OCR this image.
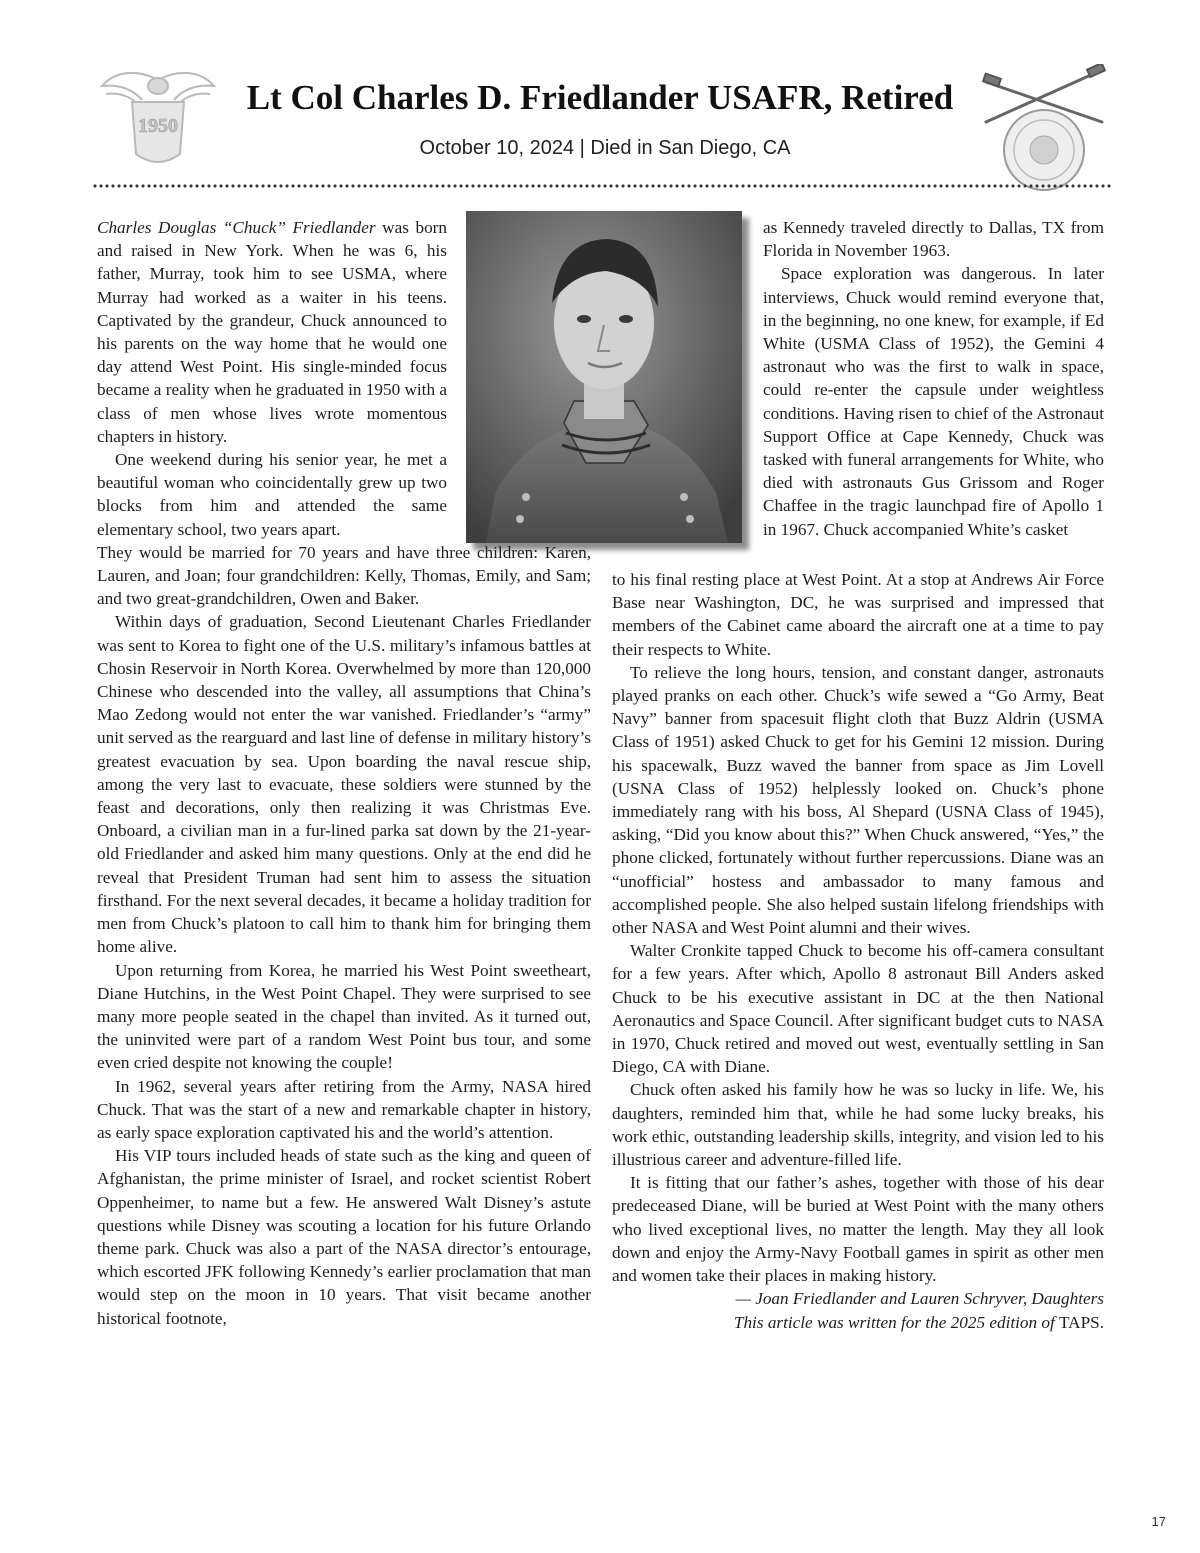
1950
Lt Col Charles D. Friedlander USAFR, Retired
October 10, 2024 | Died in San Diego, CA

Charles Douglas “Chuck” Friedlander was born and raised in New York. When he was 6, his father, Murray, took him to see USMA, where Murray had worked as a waiter in his teens. Captivated by the grandeur, Chuck announced to his parents on the way home that he would one day attend West Point. His single-minded focus became a reality when he graduated in 1950 with a class of men whose lives wrote momentous chapters in history.

One weekend during his senior year, he met a beautiful woman who coincidentally grew up two blocks from him and attended the same elementary school, two years apart.

They would be married for 70 years and have three children: Karen, Lauren, and Joan; four grandchildren: Kelly, Thomas, Emily, and Sam; and two great-grandchildren, Owen and Baker.

Within days of graduation, Second Lieutenant Charles Friedlander was sent to Korea to fight one of the U.S. military’s infamous battles at Chosin Reservoir in North Korea. Overwhelmed by more than 120,000 Chinese who descended into the valley, all assumptions that China’s Mao Zedong would not enter the war vanished. Friedlander’s “army” unit served as the rearguard and last line of defense in military history’s greatest evacuation by sea. Upon boarding the naval rescue ship, among the very last to evacuate, these soldiers were stunned by the feast and decorations, only then realizing it was Christmas Eve. Onboard, a civilian man in a fur-lined parka sat down by the 21-year-old Friedlander and asked him many questions. Only at the end did he reveal that President Truman had sent him to assess the situation firsthand. For the next several decades, it became a holiday tradition for men from Chuck’s platoon to call him to thank him for bringing them home alive.

Upon returning from Korea, he married his West Point sweetheart, Diane Hutchins, in the West Point Chapel. They were surprised to see many more people seated in the chapel than invited. As it turned out, the uninvited were part of a random West Point bus tour, and some even cried despite not knowing the couple!

In 1962, several years after retiring from the Army, NASA hired Chuck. That was the start of a new and remarkable chapter in history, as early space exploration captivated his and the world’s attention.

His VIP tours included heads of state such as the king and queen of Afghanistan, the prime minister of Israel, and rocket scientist Robert Oppenheimer, to name but a few. He answered Walt Disney’s astute questions while Disney was scouting a location for his future Orlando theme park. Chuck was also a part of the NASA director’s entourage, which escorted JFK following Kennedy’s earlier proclamation that man would step on the moon in 10 years. That visit became another historical footnote,

as Kennedy traveled directly to Dallas, TX from Florida in November 1963.

Space exploration was dangerous. In later interviews, Chuck would remind everyone that, in the beginning, no one knew, for example, if Ed White (USMA Class of 1952), the Gemini 4 astronaut who was the first to walk in space, could re-enter the capsule under weightless conditions. Having risen to chief of the Astronaut Support Office at Cape Kennedy, Chuck was tasked with funeral arrangements for White, who died with astronauts Gus Grissom and Roger Chaffee in the tragic launchpad fire of Apollo 1 in 1967. Chuck accompanied White’s casket

to his final resting place at West Point. At a stop at Andrews Air Force Base near Washington, DC, he was surprised and impressed that members of the Cabinet came aboard the aircraft one at a time to pay their respects to White.

To relieve the long hours, tension, and constant danger, astronauts played pranks on each other. Chuck’s wife sewed a “Go Army, Beat Navy” banner from spacesuit flight cloth that Buzz Aldrin (USMA Class of 1951) asked Chuck to get for his Gemini 12 mission. During his spacewalk, Buzz waved the banner from space as Jim Lovell (USNA Class of 1952) helplessly looked on. Chuck’s phone immediately rang with his boss, Al Shepard (USNA Class of 1945), asking, “Did you know about this?” When Chuck answered, “Yes,” the phone clicked, fortunately without further repercussions. Diane was an “unofficial” hostess and ambassador to many famous and accomplished people. She also helped sustain lifelong friendships with other NASA and West Point alumni and their wives.

Walter Cronkite tapped Chuck to become his off-camera consultant for a few years. After which, Apollo 8 astronaut Bill Anders asked Chuck to be his executive assistant in DC at the then National Aeronautics and Space Council. After significant budget cuts to NASA in 1970, Chuck retired and moved out west, eventually settling in San Diego, CA with Diane.

Chuck often asked his family how he was so lucky in life. We, his daughters, reminded him that, while he had some lucky breaks, his work ethic, outstanding leadership skills, integrity, and vision led to his illustrious career and adventure-filled life.

It is fitting that our father’s ashes, together with those of his dear predeceased Diane, will be buried at West Point with the many others who lived exceptional lives, no matter the length. May they all look down and enjoy the Army-Navy Football games in spirit as other men and women take their places in making history.

— Joan Friedlander and Lauren Schryver, Daughters

This article was written for the 2025 edition of TAPS.

17
